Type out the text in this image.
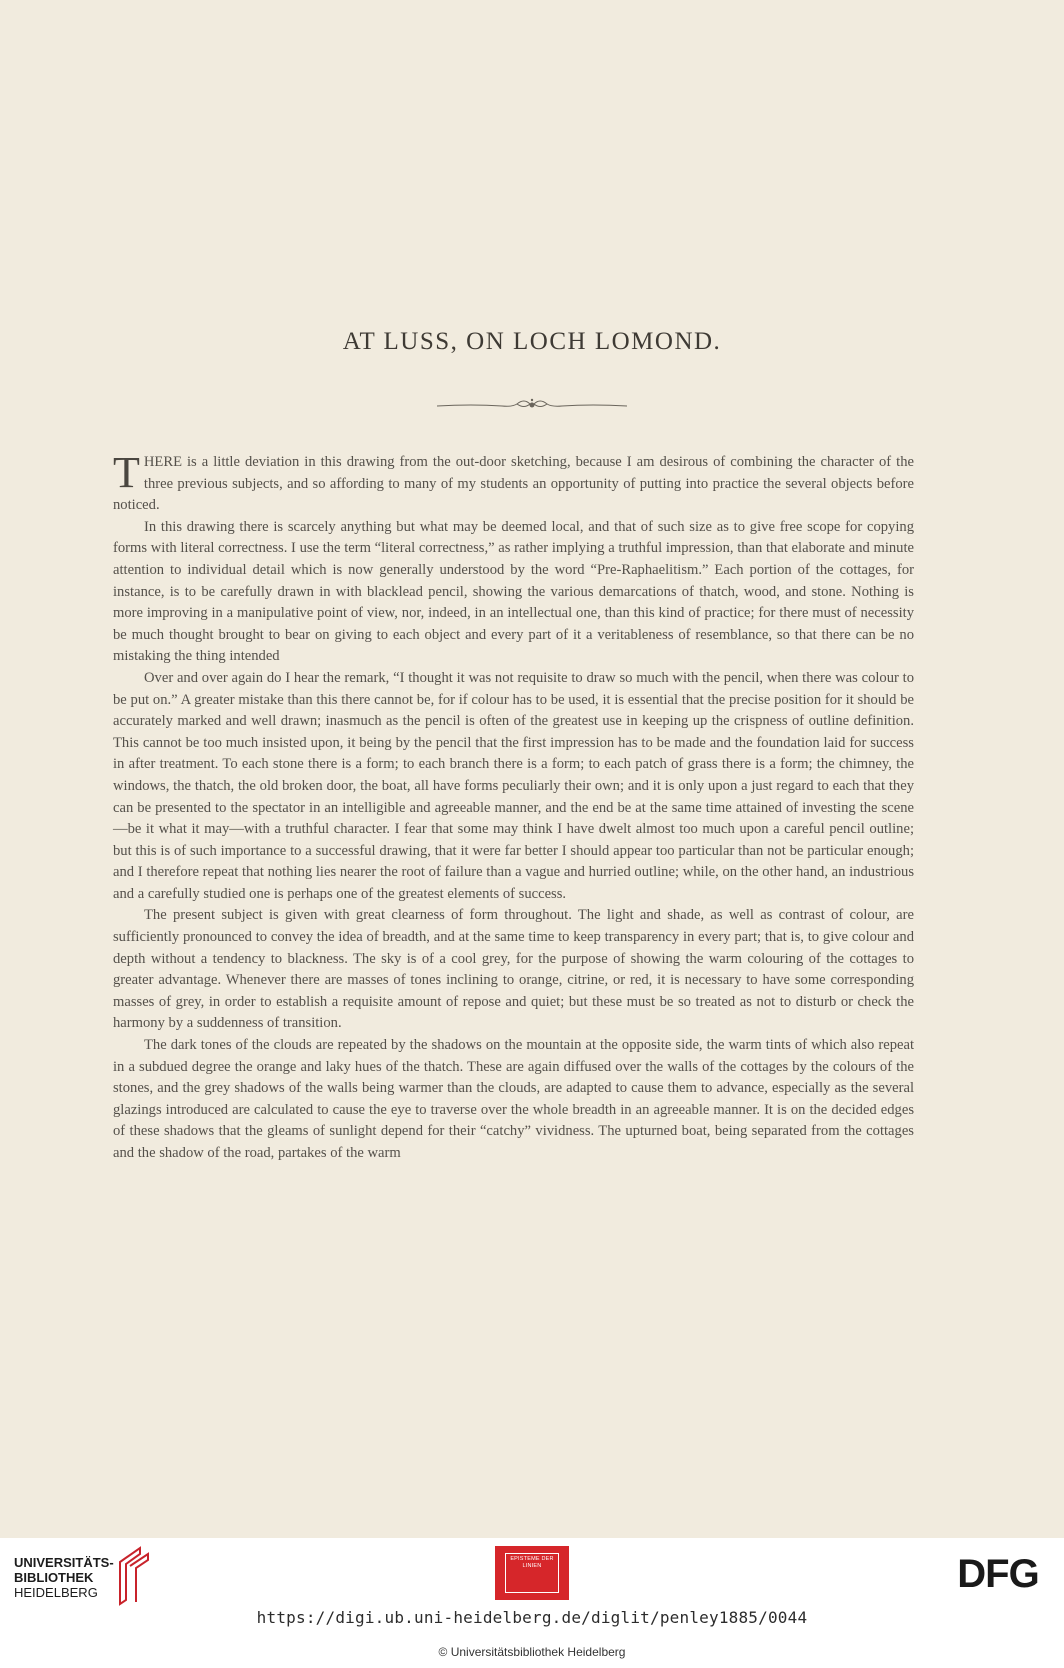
AT LUSS, ON LOCH LOMOND.

THERE is a little deviation in this drawing from the out-door sketching, because I am desirous of combining the character of the three previous subjects, and so affording to many of my students an opportunity of putting into practice the several objects before noticed.

In this drawing there is scarcely anything but what may be deemed local, and that of such size as to give free scope for copying forms with literal correctness. I use the term “literal correctness,” as rather implying a truthful impression, than that elaborate and minute attention to individual detail which is now generally understood by the word “Pre-Raphaelitism.” Each portion of the cottages, for instance, is to be carefully drawn in with blacklead pencil, showing the various demarcations of thatch, wood, and stone. Nothing is more improving in a manipulative point of view, nor, indeed, in an intellectual one, than this kind of practice; for there must of necessity be much thought brought to bear on giving to each object and every part of it a veritableness of resemblance, so that there can be no mistaking the thing intended

Over and over again do I hear the remark, “I thought it was not requisite to draw so much with the pencil, when there was colour to be put on.” A greater mistake than this there cannot be, for if colour has to be used, it is essential that the precise position for it should be accurately marked and well drawn; inasmuch as the pencil is often of the greatest use in keeping up the crispness of outline definition. This cannot be too much insisted upon, it being by the pencil that the first impression has to be made and the foundation laid for success in after treatment. To each stone there is a form; to each branch there is a form; to each patch of grass there is a form; the chimney, the windows, the thatch, the old broken door, the boat, all have forms peculiarly their own; and it is only upon a just regard to each that they can be presented to the spectator in an intelligible and agreeable manner, and the end be at the same time attained of investing the scene—be it what it may—with a truthful character. I fear that some may think I have dwelt almost too much upon a careful pencil outline; but this is of such importance to a successful drawing, that it were far better I should appear too particular than not be particular enough; and I therefore repeat that nothing lies nearer the root of failure than a vague and hurried outline; while, on the other hand, an industrious and a carefully studied one is perhaps one of the greatest elements of success.

The present subject is given with great clearness of form throughout. The light and shade, as well as contrast of colour, are sufficiently pronounced to convey the idea of breadth, and at the same time to keep transparency in every part; that is, to give colour and depth without a tendency to blackness. The sky is of a cool grey, for the purpose of showing the warm colouring of the cottages to greater advantage. Whenever there are masses of tones inclining to orange, citrine, or red, it is necessary to have some corresponding masses of grey, in order to establish a requisite amount of repose and quiet; but these must be so treated as not to disturb or check the harmony by a suddenness of transition.

The dark tones of the clouds are repeated by the shadows on the mountain at the opposite side, the warm tints of which also repeat in a subdued degree the orange and laky hues of the thatch. These are again diffused over the walls of the cottages by the colours of the stones, and the grey shadows of the walls being warmer than the clouds, are adapted to cause them to advance, especially as the several glazings introduced are calculated to cause the eye to traverse over the whole breadth in an agreeable manner. It is on the decided edges of these shadows that the gleams of sunlight depend for their “catchy” vividness. The upturned boat, being separated from the cottages and the shadow of the road, partakes of the warm

UNIVERSITÄTS-
BIBLIOTHEK
HEIDELBERG
EPISTEME DER LINIEN	DFG
https://digi.ub.uni-heidelberg.de/diglit/penley1885/0044
© Universitätsbibliothek Heidelberg
